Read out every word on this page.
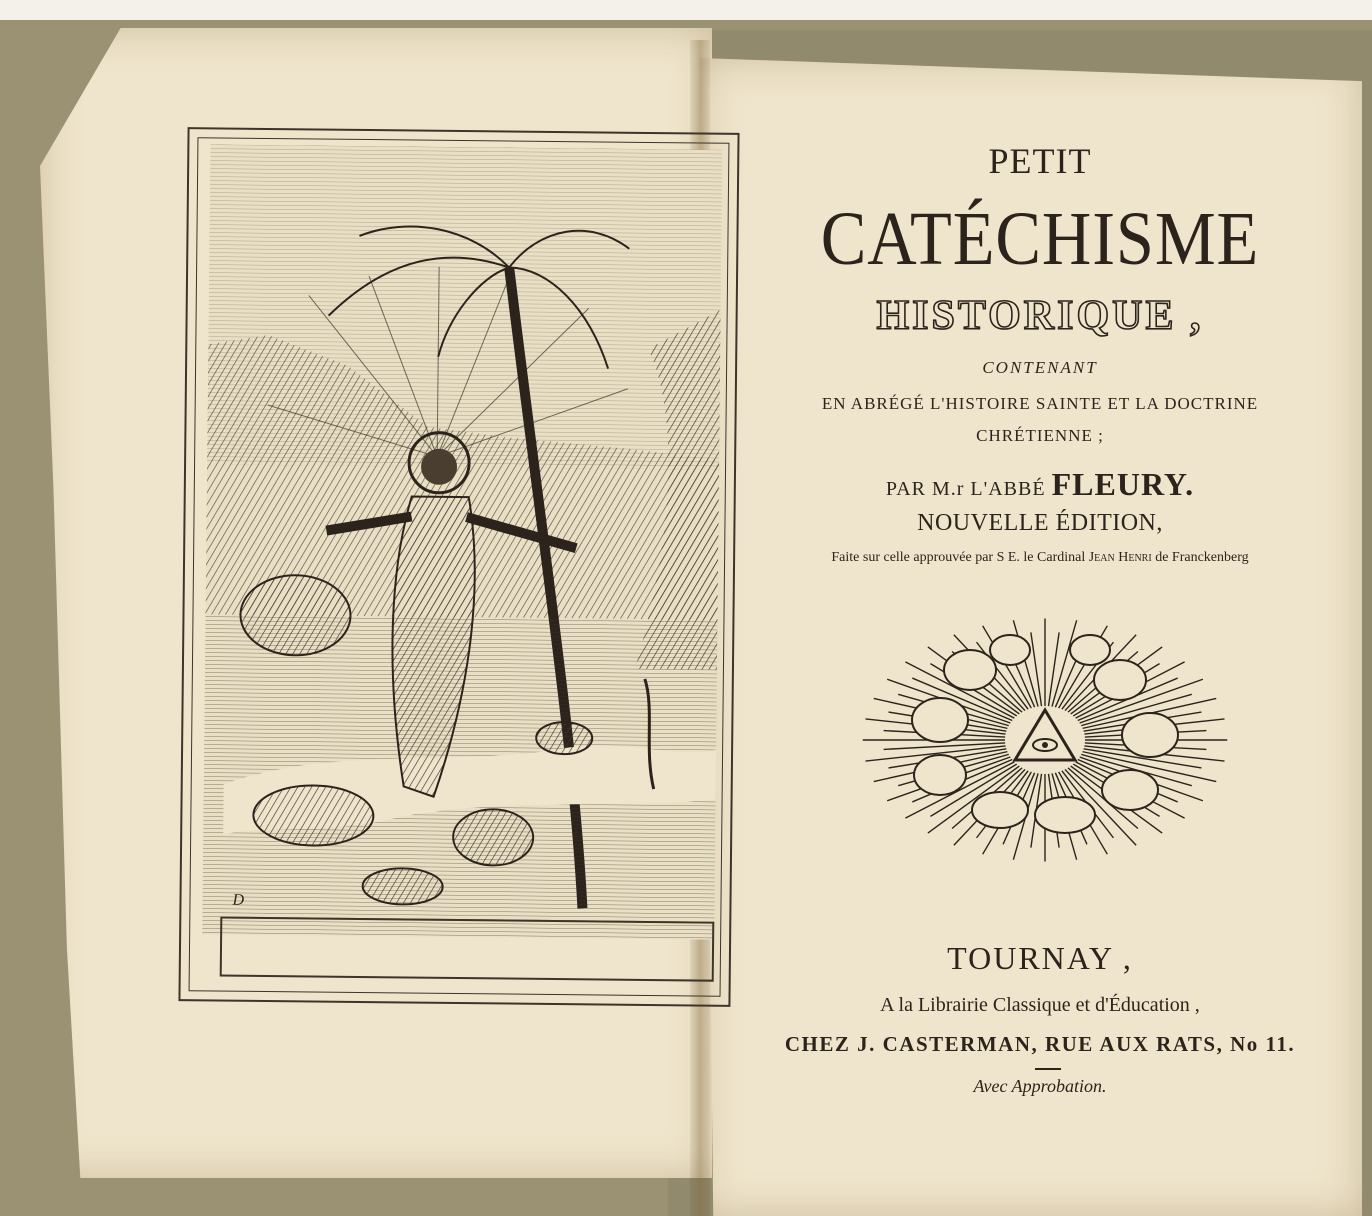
D
PETIT
CATÉCHISME
HISTORIQUE ,
CONTENANT
EN ABRÉGÉ L'HISTOIRE SAINTE ET LA DOCTRINE
CHRÉTIENNE ;
PAR M.r L'ABBÉ FLEURY.
NOUVELLE ÉDITION,
Faite sur celle approuvée par S E. le Cardinal Jean Henri de Franckenberg
TOURNAY ,
A la Librairie Classique et d'Éducation ,
CHEZ J. CASTERMAN, RUE AUX RATS, No 11.
Avec Approbation.
